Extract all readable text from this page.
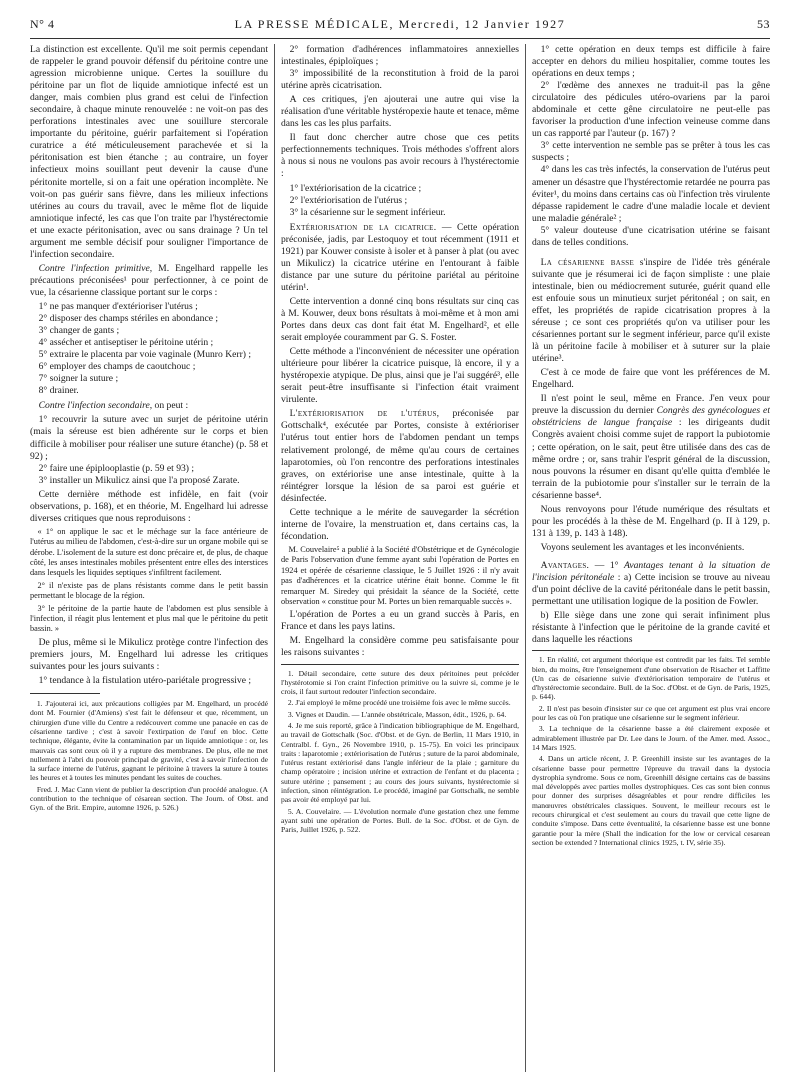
N° 4	LA PRESSE MÉDICALE, Mercredi, 12 Janvier 1927	53

La distinction est excellente. Qu'il me soit permis cependant de rappeler le grand pouvoir défensif du péritoine contre une agression microbienne unique. Certes la souillure du péritoine par un flot de liquide amniotique infecté est un danger, mais combien plus grand est celui de l'infection secondaire, à chaque minute renouvelée : ne voit-on pas des perforations intestinales avec une souillure stercorale importante du péritoine, guérir parfaitement si l'opération curatrice a été méticuleusement parachevée et si la péritonisation est bien étanche ; au contraire, un foyer infectieux moins souillant peut devenir la cause d'une péritonite mortelle, si on a fait une opération incomplète. Ne voit-on pas guérir sans fièvre, dans les milieux infections utérines au cours du travail, avec le même flot de liquide amniotique infecté, les cas que l'on traite par l'hystérectomie et une exacte péritonisation, avec ou sans drainage ? Un tel argument me semble décisif pour souligner l'importance de l'infection secondaire.

Contre l'infection primitive, M. Engelhard rappelle les précautions préconisées¹ pour perfectionner, à ce point de vue, la césarienne classique portant sur le corps :

1° ne pas manquer d'extérioriser l'utérus ;

2° disposer des champs stériles en abondance ;

3° changer de gants ;

4° assécher et antiseptiser le péritoine utérin ;

5° extraire le placenta par voie vaginale (Munro Kerr) ;

6° employer des champs de caoutchouc ;

7° soigner la suture ;

8° drainer.

Contre l'infection secondaire, on peut :

1° recouvrir la suture avec un surjet de péritoine utérin (mais la séreuse est bien adhérente sur le corps et bien difficile à mobiliser pour réaliser une suture étanche) (p. 58 et 92) ;

2° faire une épiplooplastie (p. 59 et 93) ;

3° installer un Mikulicz ainsi que l'a proposé Zarate.

Cette dernière méthode est infidèle, en fait (voir observations, p. 168), et en théorie, M. Engelhard lui adresse diverses critiques que nous reproduisons :

« 1° on applique le sac et le méchage sur la face antérieure de l'utérus au milieu de l'abdomen, c'est-à-dire sur un organe mobile qui se dérobe. L'isolement de la suture est donc précaire et, de plus, de chaque côté, les anses intestinales mobiles présentent entre elles des interstices dans lesquels les liquides septiques s'infiltrent facilement.

2° il n'existe pas de plans résistants comme dans le petit bassin permettant le blocage de la région.

3° le péritoine de la partie haute de l'abdomen est plus sensible à l'infection, il réagit plus lentement et plus mal que le péritoine du petit bassin. »

De plus, même si le Mikulicz protège contre l'infection des premiers jours, M. Engelhard lui adresse les critiques suivantes pour les jours suivants :

1° tendance à la fistulation utéro-pariétale progressive ;

1. J'ajouterai ici, aux précautions colligées par M. Engelhard, un procédé dont M. Fournier (d'Amiens) s'est fait le défenseur et que, récemment, un chirurgien d'une ville du Centre a redécouvert comme une panacée en cas de césarienne tardive ; c'est à savoir l'extirpation de l'œuf en bloc. Cette technique, élégante, évite la contamination par un liquide amniotique : or, les mauvais cas sont ceux où il y a rupture des membranes. De plus, elle ne met nullement à l'abri du pouvoir principal de gravité, c'est à savoir l'infection de la surface interne de l'utérus, gagnant le péritoine à travers la suture à toutes les heures et à toutes les minutes pendant les suites de couches.

Fred. J. Mac Cann vient de publier la description d'un procédé analogue. (A contribution to the technique of césarean section. The Journ. of Obst. and Gyn. of the Brit. Empire, automne 1926, p. 526.)

2° formation d'adhérences inflammatoires annexielles intestinales, épiploïques ;

3° impossibilité de la reconstitution à froid de la paroi utérine après cicatrisation.

A ces critiques, j'en ajouterai une autre qui vise la réalisation d'une véritable hystéropexie haute et tenace, même dans les cas les plus parfaits.

Il faut donc chercher autre chose que ces petits perfectionnements techniques. Trois méthodes s'offrent alors à nous si nous ne voulons pas avoir recours à l'hystérectomie :

1° l'extériorisation de la cicatrice ;

2° l'extériorisation de l'utérus ;

3° la césarienne sur le segment inférieur.

Extériorisation de la cicatrice. — Cette opération préconisée, jadis, par Lestoquoy et tout récemment (1911 et 1921) par Kouwer consiste à isoler et à panser à plat (ou avec un Mikulicz) la cicatrice utérine en l'entourant à faible distance par une suture du péritoine pariétal au péritoine utérin¹.

Cette intervention a donné cinq bons résultats sur cinq cas à M. Kouwer, deux bons résultats à moi-même et à mon ami Portes dans deux cas dont fait état M. Engelhard², et elle serait employée couramment par G. S. Foster.

Cette méthode a l'inconvénient de nécessiter une opération ultérieure pour libérer la cicatrice puisque, là encore, il y a hystéropexie atypique. De plus, ainsi que je l'ai suggéré³, elle serait peut-être insuffisante si l'infection était vraiment virulente.

L'extériorisation de l'utérus, préconisée par Gottschalk⁴, exécutée par Portes, consiste à extérioriser l'utérus tout entier hors de l'abdomen pendant un temps relativement prolongé, de même qu'au cours de certaines laparotomies, où l'on rencontre des perforations intestinales graves, on extériorise une anse intestinale, quitte à la réintégrer lorsque la lésion de sa paroi est guérie et désinfectée.

Cette technique a le mérite de sauvegarder la sécrétion interne de l'ovaire, la menstruation et, dans certains cas, la fécondation.

M. Couvelaire⁵ a publié à la Société d'Obstétrique et de Gynécologie de Paris l'observation d'une femme ayant subi l'opération de Portes en 1924 et opérée de césarienne classique, le 5 Juillet 1926 : il n'y avait pas d'adhérences et la cicatrice utérine était bonne. Comme le fit remarquer M. Siredey qui présidait la séance de la Société, cette observation « constitue pour M. Portes un bien remarquable succès ».

L'opération de Portes a eu un grand succès à Paris, en France et dans les pays latins.

M. Engelhard la considère comme peu satisfaisante pour les raisons suivantes :

1. Détail secondaire, cette suture des deux péritoines peut précéder l'hystérotomie si l'on craint l'infection primitive ou la suivre si, comme je le crois, il faut surtout redouter l'infection secondaire.

2. J'ai employé le même procédé une troisième fois avec le même succès.

3. Vignes et Daudin. — L'année obstétricale, Masson, édit., 1926, p. 64.

4. Je me suis reporté, grâce à l'indication bibliographique de M. Engelhard, au travail de Gottschalk (Soc. d'Obst. et de Gyn. de Berlin, 11 Mars 1910, in Centralbl. f. Gyn., 26 Novembre 1910, p. 15-75). En voici les principaux traits : laparotomie ; extériorisation de l'utérus ; suture de la paroi abdominale, l'utérus restant extériorisé dans l'angle inférieur de la plaie ; garniture du champ opératoire ; incision utérine et extraction de l'enfant et du placenta ; suture utérine ; pansement ; au cours des jours suivants, hystérectomie si infection, sinon réintégration. Le procédé, imaginé par Gottschalk, ne semble pas avoir été employé par lui.

5. A. Couvelaire. — L'évolution normale d'une gestation chez une femme ayant subi une opération de Portes. Bull. de la Soc. d'Obst. et de Gyn. de Paris, Juillet 1926, p. 522.

1° cette opération en deux temps est difficile à faire accepter en dehors du milieu hospitalier, comme toutes les opérations en deux temps ;

2° l'œdème des annexes ne traduit-il pas la gêne circulatoire des pédicules utéro-ovariens par la paroi abdominale et cette gêne circulatoire ne peut-elle pas favoriser la production d'une infection veineuse comme dans un cas rapporté par l'auteur (p. 167) ?

3° cette intervention ne semble pas se prêter à tous les cas suspects ;

4° dans les cas très infectés, la conservation de l'utérus peut amener un désastre que l'hystérectomie retardée ne pourra pas éviter¹, du moins dans certains cas où l'infection très virulente dépasse rapidement le cadre d'une maladie locale et devient une maladie générale² ;

5° valeur douteuse d'une cicatrisation utérine se faisant dans de telles conditions.

La césarienne basse s'inspire de l'idée très générale suivante que je résumerai ici de façon simpliste : une plaie intestinale, bien ou médiocrement suturée, guérit quand elle est enfouie sous un minutieux surjet péritonéal ; on sait, en effet, les propriétés de rapide cicatrisation propres à la séreuse ; ce sont ces propriétés qu'on va utiliser pour les césariennes portant sur le segment inférieur, parce qu'il existe là un péritoine facile à mobiliser et à suturer sur la plaie utérine³.

C'est à ce mode de faire que vont les préférences de M. Engelhard.

Il n'est point le seul, même en France. J'en veux pour preuve la discussion du dernier Congrès des gynécologues et obstétriciens de langue française : les dirigeants dudit Congrès avaient choisi comme sujet de rapport la pubiotomie ; cette opération, on le sait, peut être utilisée dans des cas de même ordre ; or, sans trahir l'esprit général de la discussion, nous pouvons la résumer en disant qu'elle quitta d'emblée le terrain de la pubiotomie pour s'installer sur le terrain de la césarienne basse⁴.

Nous renvoyons pour l'étude numérique des résultats et pour les procédés à la thèse de M. Engelhard (p. II à 129, p. 131 à 139, p. 143 à 148).

Voyons seulement les avantages et les inconvénients.

Avantages. — 1° Avantages tenant à la situation de l'incision péritonéale : a) Cette incision se trouve au niveau d'un point déclive de la cavité péritonéale dans le petit bassin, permettant une utilisation logique de la position de Fowler.

b) Elle siège dans une zone qui serait infiniment plus résistante à l'infection que le péritoine de la grande cavité et dans laquelle les réactions

1. En réalité, cet argument théorique est contredit par les faits. Tel semble bien, du moins, être l'enseignement d'une observation de Risacher et Laffitte (Un cas de césarienne suivie d'extériorisation temporaire de l'utérus et d'hystérectomie secondaire. Bull. de la Soc. d'Obst. et de Gyn. de Paris, 1925, p. 644).

2. Il n'est pas besoin d'insister sur ce que cet argument est plus vrai encore pour les cas où l'on pratique une césarienne sur le segment inférieur.

3. La technique de la césarienne basse a été clairement exposée et admirablement illustrée par Dr. Lee dans le Journ. of the Amer. med. Assoc., 14 Mars 1925.

4. Dans un article récent, J. P. Greenhill insiste sur les avantages de la césarienne basse pour permettre l'épreuve du travail dans la dystocia dystrophia syndrome. Sous ce nom, Greenhill désigne certains cas de bassins mal développés avec parties molles dystrophiques. Ces cas sont bien connus pour donner des surprises désagréables et pour rendre difficiles les manœuvres obstétricales classiques. Souvent, le meilleur recours est le recours chirurgical et c'est seulement au cours du travail que cette ligne de conduite s'impose. Dans cette éventualité, la césarienne basse est une bonne garantie pour la mère (Shall the indication for the low or cervical cesarean section be extended ? International clinics 1925, t. IV, série 35).
